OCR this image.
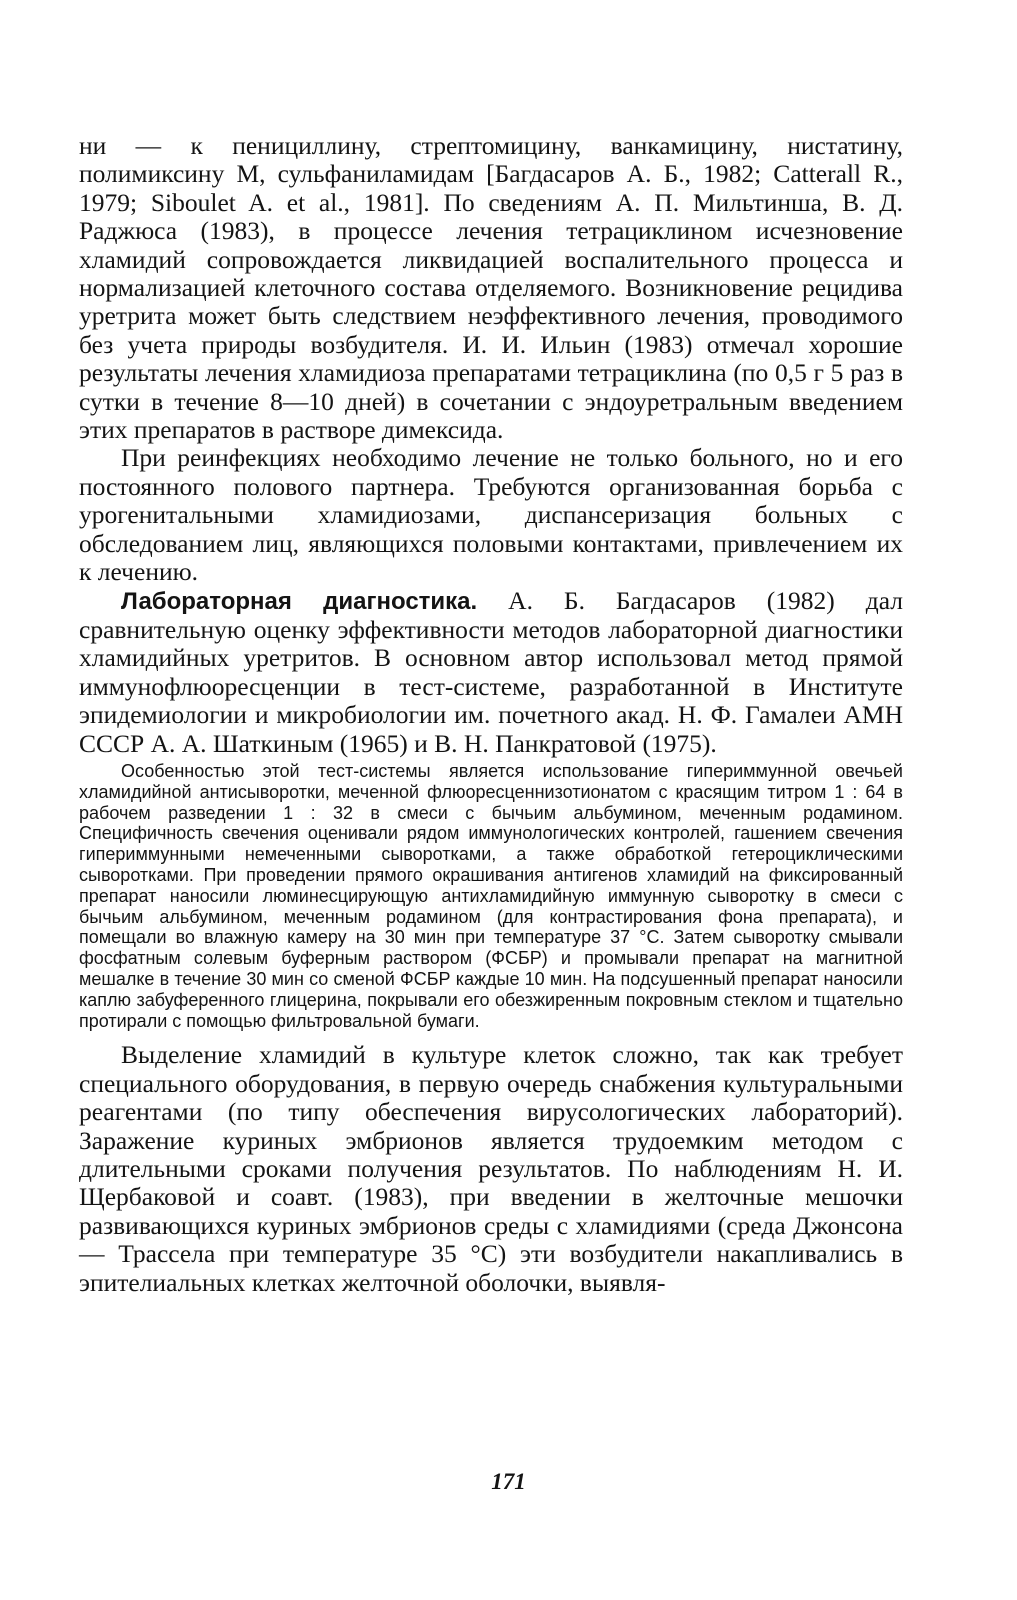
ни — к пенициллину, стрептомицину, ванкамицину, нистатину, полимиксину М, сульфаниламидам [Багдасаров А. Б., 1982; Catterall R., 1979; Siboulet A. et al., 1981]. По сведениям А. П. Мильтинша, В. Д. Раджюса (1983), в процессе лечения тетрациклином исчезновение хламидий сопровождается ликвидацией воспалительного процесса и нормализацией клеточного состава отделяемого. Возникновение рецидива уретрита может быть следствием неэффективного лечения, проводимого без учета природы возбудителя. И. И. Ильин (1983) отмечал хорошие результаты лечения хламидиоза препаратами тетрациклина (по 0,5 г 5 раз в сутки в течение 8—10 дней) в сочетании с эндоуретральным введением этих препаратов в растворе димексида.

При реинфекциях необходимо лечение не только больного, но и его постоянного полового партнера. Требуются организованная борьба с урогенитальными хламидиозами, диспансеризация больных с обследованием лиц, являющихся половыми контактами, привлечением их к лечению.

Лабораторная диагностика. А. Б. Багдасаров (1982) дал сравнительную оценку эффективности методов лабораторной диагностики хламидийных уретритов. В основном автор использовал метод прямой иммунофлюоресценции в тест-системе, разработанной в Институте эпидемиологии и микробиологии им. почетного акад. Н. Ф. Гамалеи АМН СССР А. А. Шаткиным (1965) и В. Н. Панкратовой (1975).

Особенностью этой тест-системы является использование гипериммунной овечьей хламидийной антисыворотки, меченной флюоресценнизотионатом с красящим титром 1 : 64 в рабочем разведении 1 : 32 в смеси с бычьим альбумином, меченным родамином. Специфичность свечения оценивали рядом иммунологических контролей, гашением свечения гипериммунными немеченными сыворотками, а также обработкой гетероциклическими сыворотками. При проведении прямого окрашивания антигенов хламидий на фиксированный препарат наносили люминесцирующую антихламидийную иммунную сыворотку в смеси с бычьим альбумином, меченным родамином (для контрастирования фона препарата), и помещали во влажную камеру на 30 мин при температуре 37 °С. Затем сыворотку смывали фосфатным солевым буферным раствором (ФСБР) и промывали препарат на магнитной мешалке в течение 30 мин со сменой ФСБР каждые 10 мин. На подсушенный препарат наносили каплю забуференного глицерина, покрывали его обезжиренным покровным стеклом и тщательно протирали с помощью фильтровальной бумаги.

Выделение хламидий в культуре клеток сложно, так как требует специального оборудования, в первую очередь снабжения культуральными реагентами (по типу обеспечения вирусологических лабораторий). Заражение куриных эмбрионов является трудоемким методом с длительными сроками получения результатов. По наблюдениям Н. И. Щербаковой и соавт. (1983), при введении в желточные мешочки развивающихся куриных эмбрионов среды с хламидиями (среда Джонсона — Трассела при температуре 35 °С) эти возбудители накапливались в эпителиальных клетках желточной оболочки, выявля-

171
